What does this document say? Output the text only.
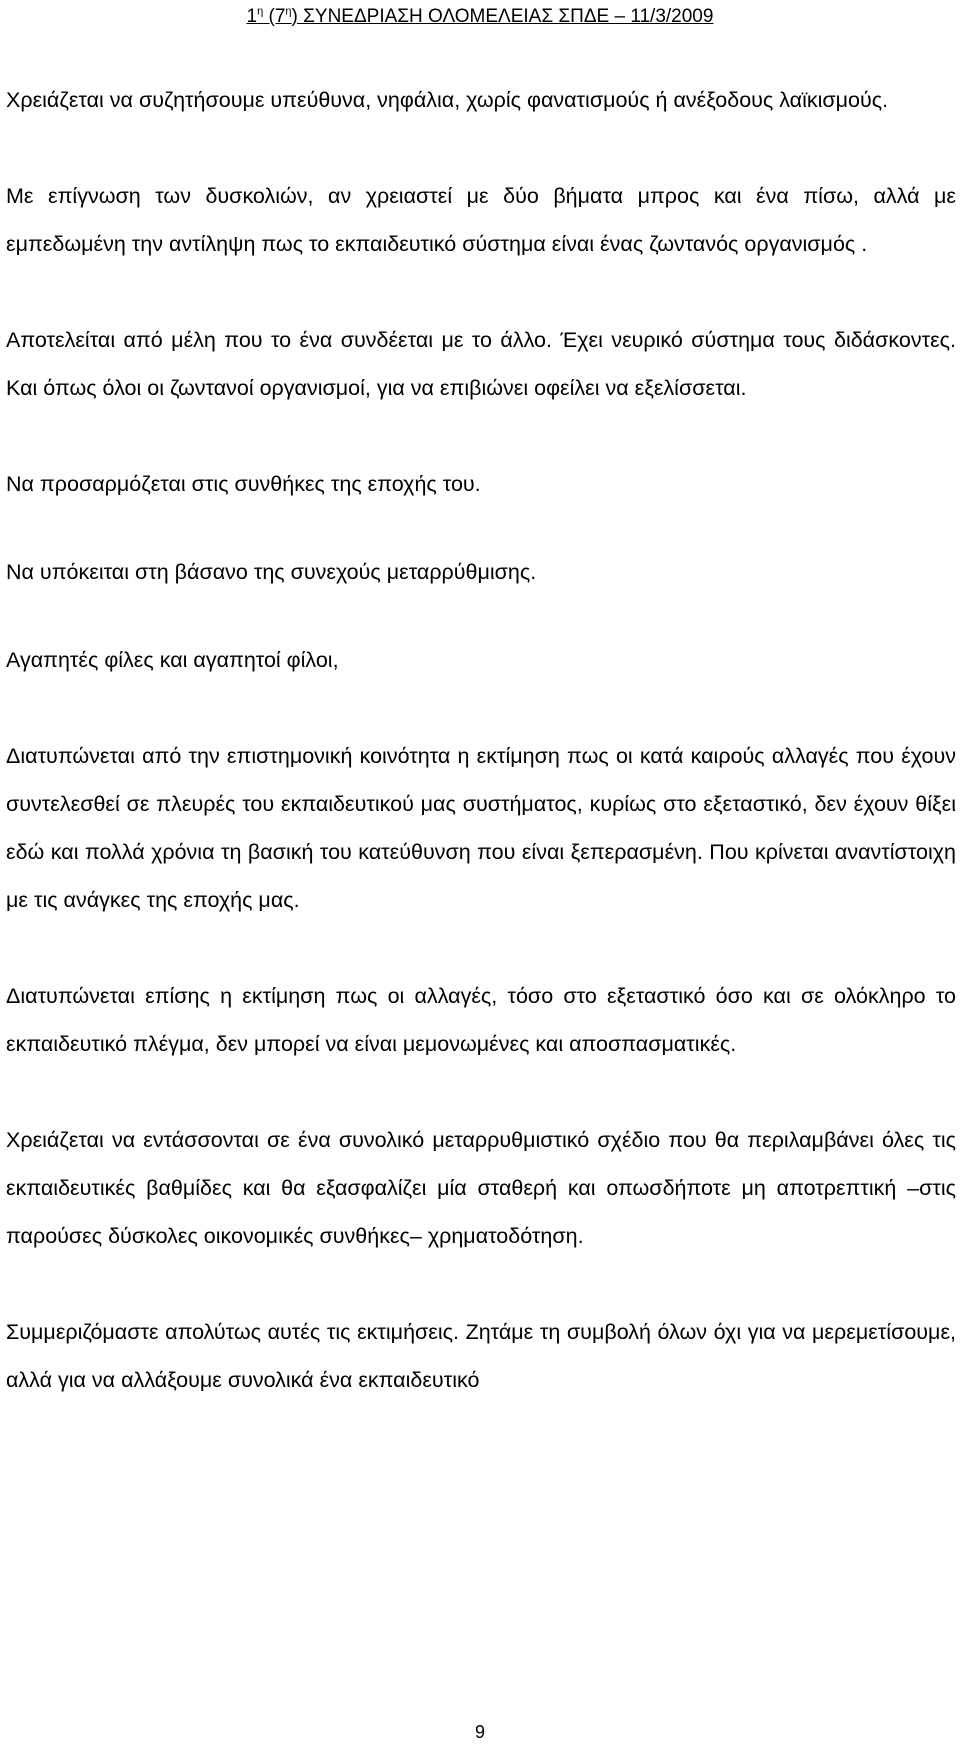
$1^\eta$ $(7^\eta)$ ΣΥΝΕΔΡΙΑΣΗ ΟΛΟΜΕΛΕΙΑΣ ΣΠΔΕ – 11/3/2009

Χρειάζεται να συζητήσουμε υπεύθυνα, νηφάλια, χωρίς φανατισμούς ή ανέξοδους λαϊκισμούς.

Με επίγνωση των δυσκολιών, αν χρειαστεί με δύο βήματα μπρος και ένα πίσω, αλλά με εμπεδωμένη την αντίληψη πως το εκπαιδευτικό σύστημα είναι ένας ζωντανός οργανισμός .

Αποτελείται από μέλη που το ένα συνδέεται με το άλλο. Έχει νευρικό σύστημα τους διδάσκοντες. Και όπως όλοι οι ζωντανοί οργανισμοί, για να επιβιώνει οφείλει να εξελίσσεται.

Να προσαρμόζεται στις συνθήκες της εποχής του.

Να υπόκειται στη βάσανο της συνεχούς μεταρρύθμισης.

Αγαπητές φίλες και αγαπητοί φίλοι,

Διατυπώνεται από την επιστημονική κοινότητα η εκτίμηση πως οι κατά καιρούς αλλαγές που έχουν συντελεσθεί σε πλευρές του εκπαιδευτικού μας συστήματος, κυρίως στο εξεταστικό, δεν έχουν θίξει εδώ και πολλά χρόνια τη βασική του κατεύθυνση που είναι ξεπερασμένη. Που κρίνεται αναντίστοιχη με τις ανάγκες της εποχής μας.

Διατυπώνεται επίσης η εκτίμηση πως οι αλλαγές, τόσο στο εξεταστικό όσο και σε ολόκληρο το εκπαιδευτικό πλέγμα, δεν μπορεί να είναι μεμονωμένες και αποσπασματικές.

Χρειάζεται να εντάσσονται σε ένα συνολικό μεταρρυθμιστικό σχέδιο που θα περιλαμβάνει όλες τις εκπαιδευτικές βαθμίδες και θα εξασφαλίζει μία σταθερή και οπωσδήποτε μη αποτρεπτική –στις παρούσες δύσκολες οικονομικές συνθήκες– χρηματοδότηση.

Συμμεριζόμαστε απολύτως αυτές τις εκτιμήσεις. Ζητάμε τη συμβολή όλων όχι για να μερεμετίσουμε, αλλά για να αλλάξουμε συνολικά ένα εκπαιδευτικό

9
